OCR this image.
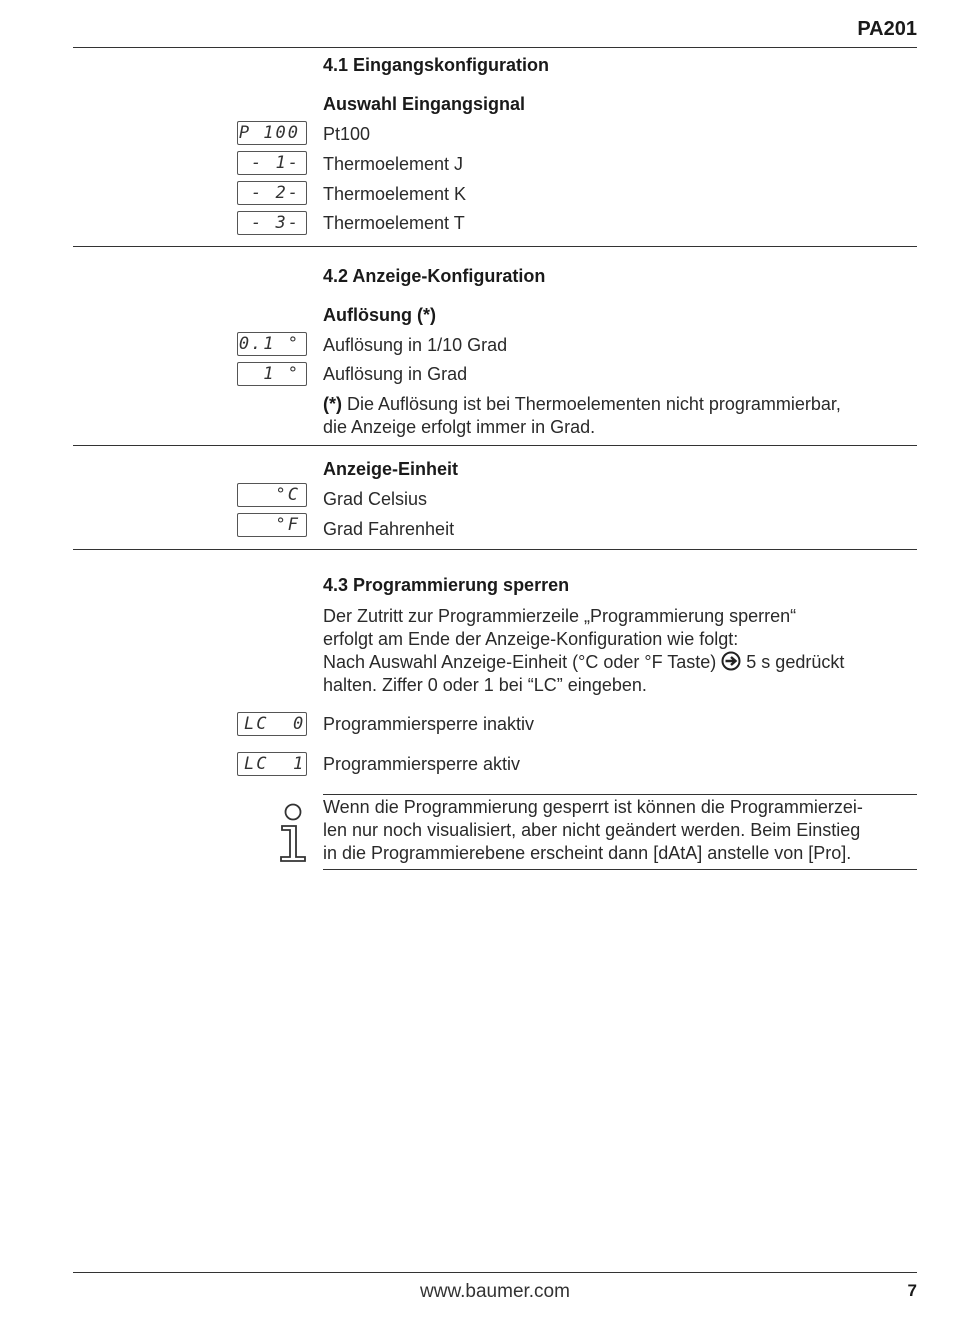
PA201
4.1 Eingangskonfiguration
Auswahl Eingangsignal
P 100	Pt100
- 1-	Thermoelement J
- 2-	Thermoelement K
- 3-	Thermoelement T
4.2 Anzeige-Konfiguration
Auflösung (*)
0.1 °	Auflösung in 1/10 Grad
1 °	Auflösung in Grad
(*) Die Auflösung ist bei Thermoelementen nicht programmierbar,
die Anzeige erfolgt immer in Grad.
Anzeige-Einheit
°C	Grad Celsius
°F	Grad Fahrenheit
4.3 Programmierung sperren
Der Zutritt zur Programmierzeile „Programmierung sperren“
erfolgt am Ende der Anzeige-Konfiguration wie folgt:
Nach Auswahl Anzeige-Einheit (°C oder °F Taste) 5 s gedrückt
halten. Ziffer 0 oder 1 bei “LC” eingeben.
LC  0 Programmiersperre inaktiv
LC  1 Programmiersperre aktiv
Wenn die Programmierung gesperrt ist können die Programmierzei-
len nur noch visualisiert, aber nicht geändert werden. Beim Einstieg
in die Programmierebene erscheint dann [dAtA] anstelle von [Pro].
www.baumer.com	7
